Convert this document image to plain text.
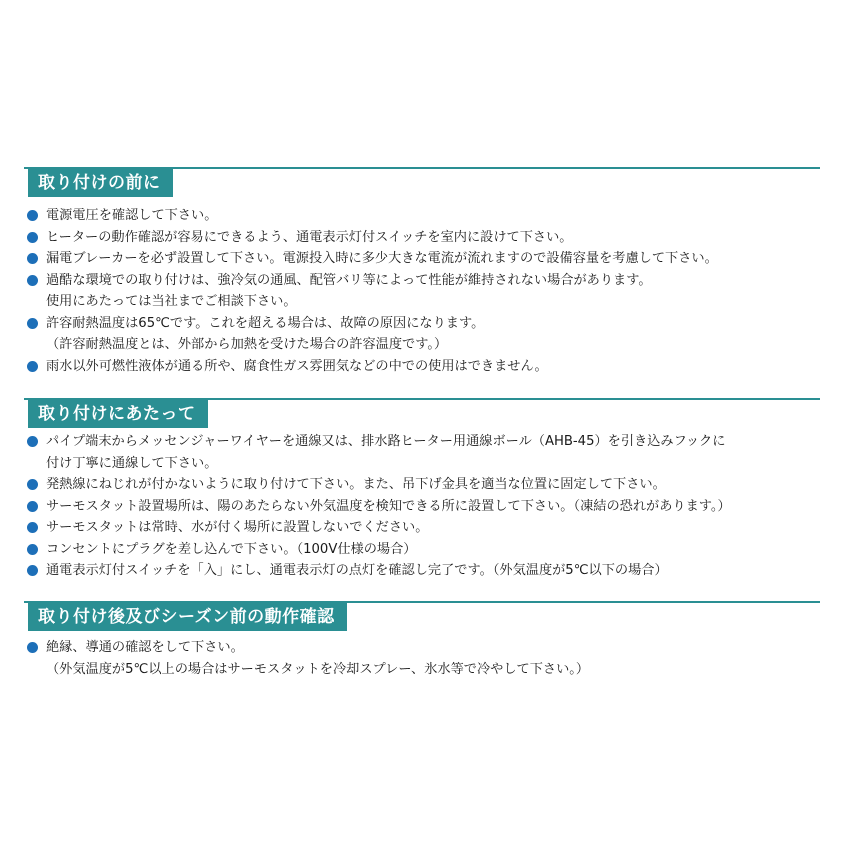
取り付けの前に
電源電圧を確認して下さい。
ヒーターの動作確認が容易にできるよう、通電表示灯付スイッチを室内に設けて下さい。
漏電ブレーカーを必ず設置して下さい。電源投入時に多少大きな電流が流れますので設備容量を考慮して下さい。
過酷な環境での取り付けは、強冷気の通風、配管バリ等によって性能が維持されない場合があります。
使用にあたっては当社までご相談下さい。
許容耐熱温度は65℃です。これを超える場合は、故障の原因になります。
（許容耐熱温度とは、外部から加熱を受けた場合の許容温度です。）
雨水以外可燃性液体が通る所や、腐食性ガス雰囲気などの中での使用はできません。
取り付けにあたって
パイプ端末からメッセンジャーワイヤーを通線又は、排水路ヒーター用通線ボール（AHB-45）を引き込みフックに
付け丁寧に通線して下さい。
発熱線にねじれが付かないように取り付けて下さい。また、吊下げ金具を適当な位置に固定して下さい。
サーモスタット設置場所は、陽のあたらない外気温度を検知できる所に設置して下さい。（凍結の恐れがあります。）
サーモスタットは常時、水が付く場所に設置しないでください。
コンセントにプラグを差し込んで下さい。（100V仕様の場合）
通電表示灯付スイッチを「入」にし、通電表示灯の点灯を確認し完了です。（外気温度が5℃以下の場合）
取り付け後及びシーズン前の動作確認
絶縁、導通の確認をして下さい。
（外気温度が5℃以上の場合はサーモスタットを冷却スプレー、氷水等で冷やして下さい。）
